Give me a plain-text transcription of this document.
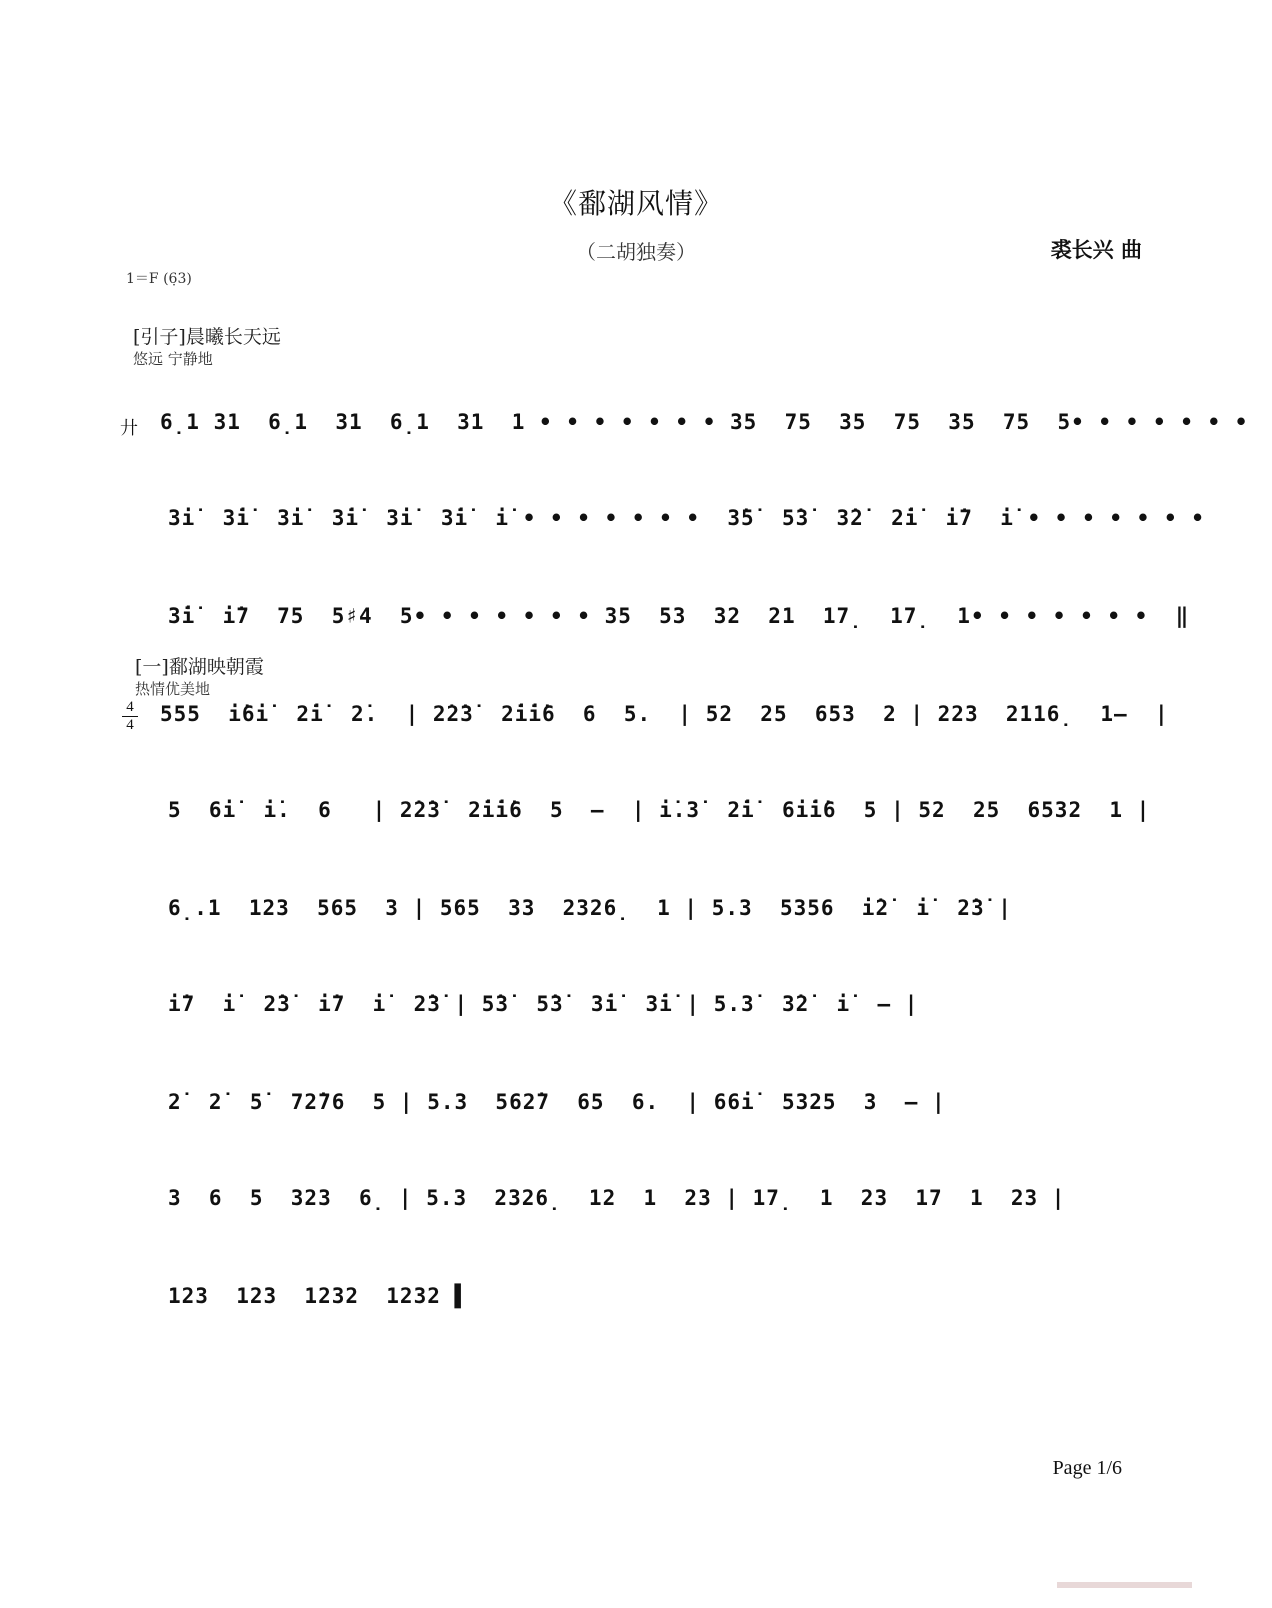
《鄱湖风情》
（二胡独奏）	裘长兴 曲
1＝F (6̣3)
[引子]晨曦长天远
悠远 宁静地
廾 6̣1 31  6̣1  31  6̣1  31  1 • • • • • • • 35  75  35  75  35  75  5• • • • • • •
3i̇  3̇i̇  3i̇  3̇i̇  3i̇  3̇i̇  i̇ • • • • • • •  3̇5̇  5̇3̇  3̇2̇  2̇i̇  i̇7  i̇ • • • • • • •
3̇i̇  i̇7  75  5♯4  5• • • • • • • 35  53  32  21  17̣  17̣  1• • • • • • •  ‖
[一]鄱湖映朝霞
热情优美地
4
4 555  i̇6i̇  2̇i̇  2̇.  | 2̇2̇3̇  2̇i̇i̇6  6  5.  | 52  25  653  2 | 223  2116̣  1—  |
5  6i̇  i̇.  6   | 2̇2̇3̇  2̇i̇i̇6  5  —  | i̇.3̇  2̇i̇  6i̇i̇6  5 | 52  25  6532  1 |
6̣.1  123  565  3 | 565  33  2326̣  1 | 5.3  5356  i̇2̇  i̇  2̇3̇ |
i̇7  i̇  2̇3̇  i̇7  i̇  2̇3̇ | 5̇3̇  5̇3̇  3̇i̇  3̇i̇ | 5.3̇  3̇2̇  i̇  — |
2̇  2̇  5̇  72̇76  5 | 5.3  562̇7  65  6.  | 66i̇  5325  3  — |
3  6  5  323  6̣ | 5.3  2326̣  12  1  23 | 17̣  1  23  17  1  23 |
123  123  1232  1232 ▌
Page 1/6
